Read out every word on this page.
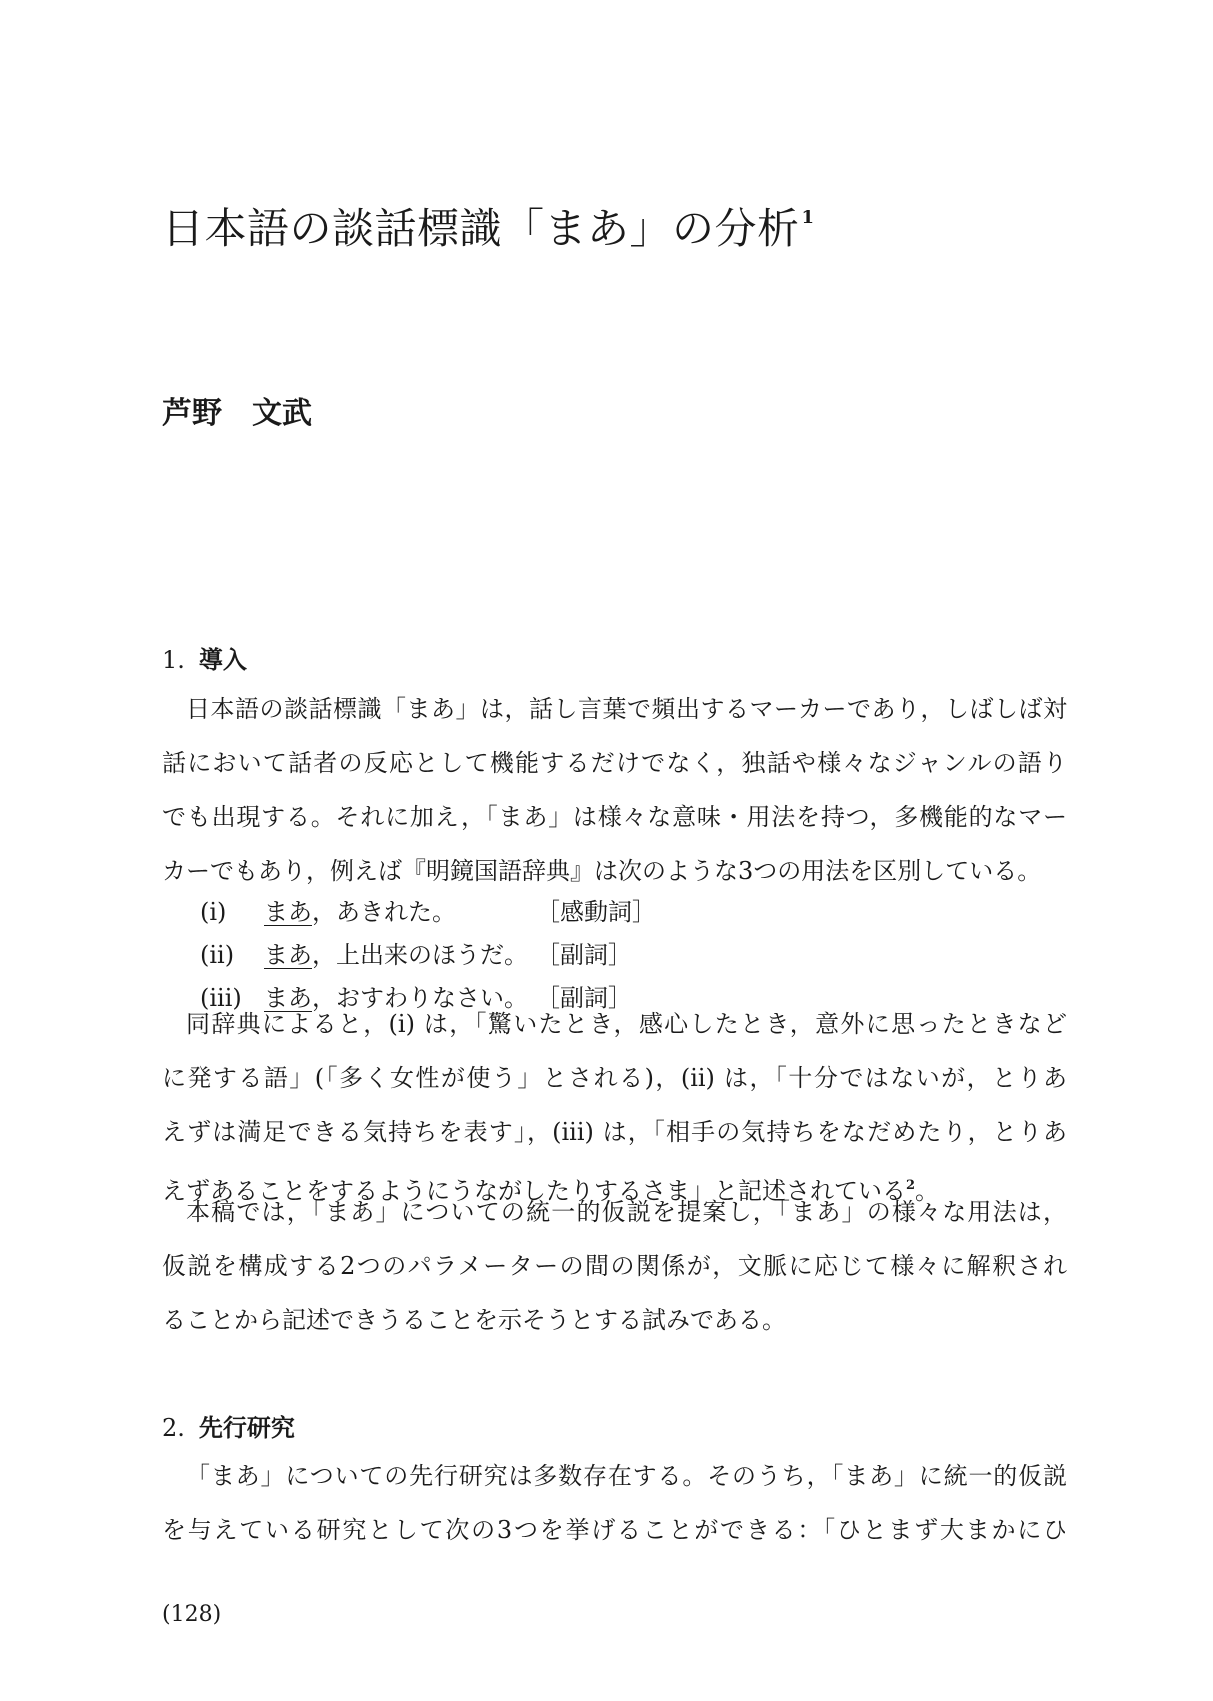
日本語の談話標識「まあ」の分析 $^1$

芦野　文武

1. 導入
日本語の談話標識「まあ」は，話し言葉で頻出するマーカーであり，しばしば対
話において話者の反応として機能するだけでなく，独話や様々なジャンルの語り
でも出現する。それに加え，「まあ」は様々な意味・用法を持つ，多機能的なマー
カーでもあり，例えば『明鏡国語辞典』は次のような3つの用法を区別している。
(i) まあ，あきれた。	［感動詞］
(ii) まあ，上出来のほうだ。 ［副詞］
(iii) まあ，おすわりなさい。 ［副詞］
同辞典によると，(i) は，「驚いたとき，感心したとき，意外に思ったときなど
に発する語」(「多く女性が使う」とされる)，(ii) は，「十分ではないが，とりあ
えずは満足できる気持ちを表す」，(iii) は，「相手の気持ちをなだめたり，とりあ
えずあることをするようにうながしたりするさま」と記述されている$^2$。
本稿では，「まあ」についての統一的仮説を提案し，「まあ」の様々な用法は，
仮説を構成する2つのパラメーターの間の関係が，文脈に応じて様々に解釈され
ることから記述できうることを示そうとする試みである。
2. 先行研究
「まあ」についての先行研究は多数存在する。そのうち，「まあ」に統一的仮説
を与えている研究として次の3つを挙げることができる：「ひとまず大まかにひ

(128)
